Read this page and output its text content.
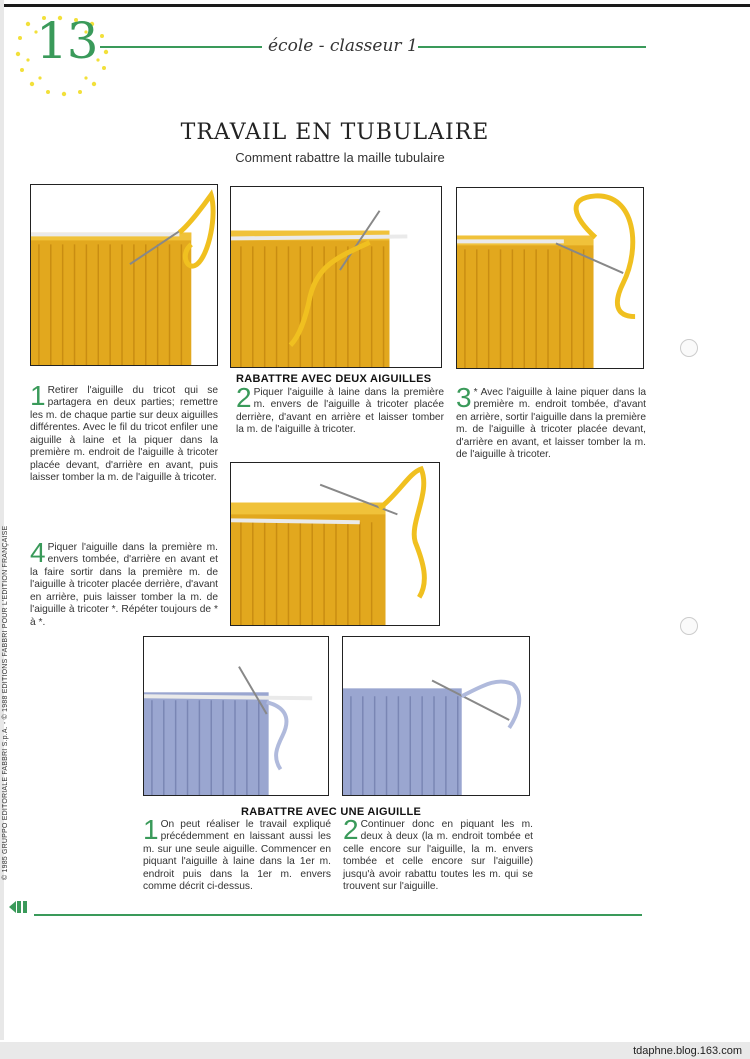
13	école - classeur 1
TRAVAIL EN TUBULAIRE
Comment rabattre la maille tubulaire
RABATTRE AVEC DEUX AIGUILLES
RABATTRE AVEC UNE AIGUILLE
1 Retirer l'aiguille du tricot qui se partagera en deux parties; remettre les m. de chaque partie sur deux aiguilles différentes. Avec le fil du tricot enfiler une aiguille à laine et la piquer dans la première m. endroit de l'aiguille à tricoter placée devant, d'arrière en avant, puis laisser tomber la m. de l'aiguille à tricoter.
2 Piquer l'aiguille à laine dans la première m. envers de l'aiguille à tricoter placée derrière, d'avant en arrière et laisser tomber la m. de l'aiguille à tricoter.
3 * Avec l'aiguille à laine piquer dans la première m. endroit tombée, d'avant en arrière, sortir l'aiguille dans la première m. de l'aiguille à tricoter placée devant, d'arrière en avant, et laisser tomber la m. de l'aiguille à tricoter.
4 Piquer l'aiguille dans la première m. envers tombée, d'arrière en avant et la faire sortir dans la première m. de l'aiguille à tricoter placée derrière, d'avant en arrière, puis laisser tomber la m. de l'aiguille à tricoter *. Répéter toujours de * à *.
1 On peut réaliser le travail expliqué précédemment en laissant aussi les m. sur une seule aiguille. Commencer en piquant l'aiguille à laine dans la 1er m. endroit puis dans la 1er m. envers comme décrit ci-dessus.
2 Continuer donc en piquant les m. deux à deux (la m. endroit tombée et celle encore sur l'aiguille, la m. envers tombée et celle encore sur l'aiguille) jusqu'à avoir rabattu toutes les m. qui se trouvent sur l'aiguille.
© 1985 GRUPPO EDITORIALE FABBRI S.p.A. - © 1988 EDITIONS FABBRI POUR L'EDITION FRANÇAISE
tdaphne.blog.163.com
